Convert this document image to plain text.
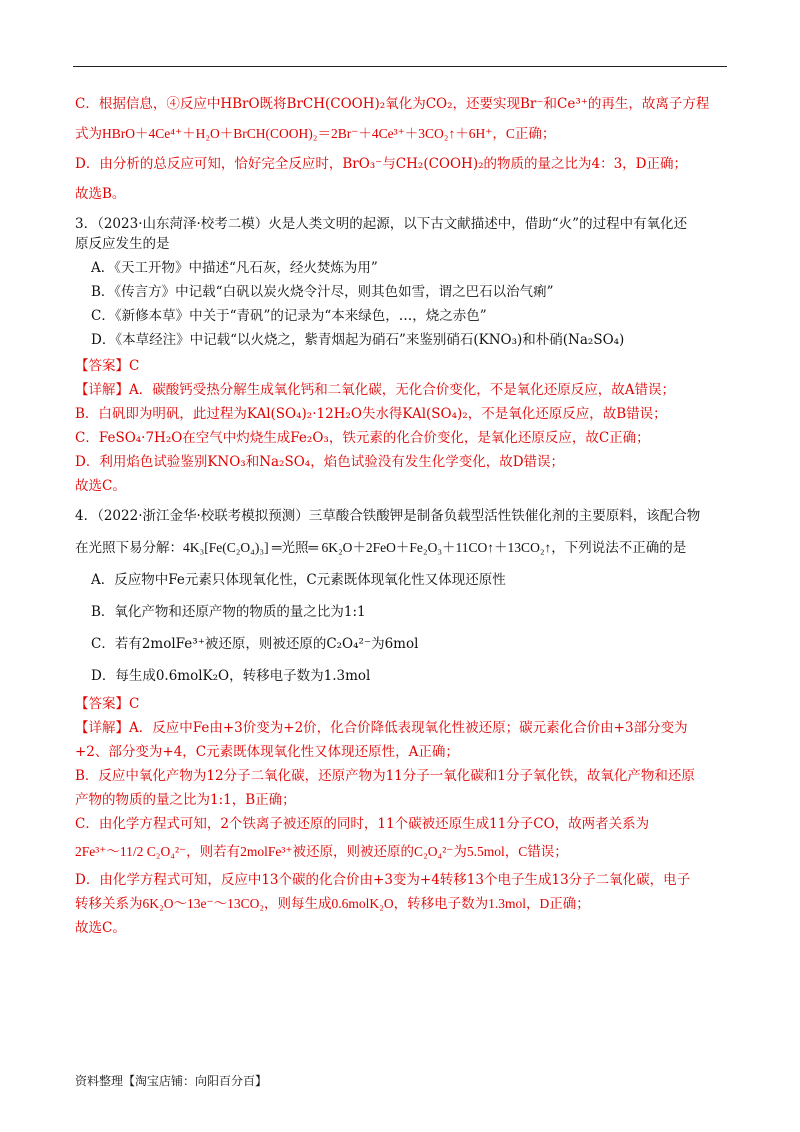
C．根据信息，④反应中HBrO既将BrCH(COOH)₂氧化为CO₂，还要实现Br⁻和Ce³⁺的再生，故离子方程

式为HBrO＋4Ce⁴⁺＋H₂O＋BrCH(COOH)₂＝2Br⁻＋4Ce³⁺＋3CO₂↑＋6H⁺，C正确；

D．由分析的总反应可知，恰好完全反应时，BrO₃⁻与CH₂(COOH)₂的物质的量之比为4：3，D正确；

故选B。

3．（2023·山东菏泽·校考二模）火是人类文明的起源，以下古文献描述中，借助“火”的过程中有氧化还

原反应发生的是

A．《天工开物》中描述“凡石灰，经火焚炼为用”

B．《传言方》中记载“白矾以炭火烧令汁尽，则其色如雪，谓之巴石以治气痢”

C．《新修本草》中关于“青矾”的记录为“本来绿色，…，烧之赤色”

D．《本草经注》中记载“以火烧之，紫青烟起为硝石”来鉴别硝石(KNO₃)和朴硝(Na₂SO₄)

【答案】C

【详解】A．碳酸钙受热分解生成氧化钙和二氧化碳，无化合价变化，不是氧化还原反应，故A错误；

B．白矾即为明矾，此过程为KAl(SO₄)₂·12H₂O失水得KAl(SO₄)₂，不是氧化还原反应，故B错误；

C．FeSO₄·7H₂O在空气中灼烧生成Fe₂O₃，铁元素的化合价变化，是氧化还原反应，故C正确；

D．利用焰色试验鉴别KNO₃和Na₂SO₄，焰色试验没有发生化学变化，故D错误；

故选C。

4．（2022·浙江金华·校联考模拟预测）三草酸合铁酸钾是制备负载型活性铁催化剂的主要原料，该配合物

在光照下易分解：4K₃[Fe(C₂O₄)₃] ═光照═ 6K₂O＋2FeO＋Fe₂O₃＋11CO↑＋13CO₂↑，下列说法不正确的是

A．反应物中Fe元素只体现氧化性，C元素既体现氧化性又体现还原性

B．氧化产物和还原产物的物质的量之比为1:1

C．若有2molFe³⁺被还原，则被还原的C₂O₄²⁻为6mol

D．每生成0.6molK₂O，转移电子数为1.3mol

【答案】C

【详解】A．反应中Fe由+3价变为+2价，化合价降低表现氧化性被还原；碳元素化合价由+3部分变为

+2、部分变为+4，C元素既体现氧化性又体现还原性，A正确；

B．反应中氧化产物为12分子二氧化碳，还原产物为11分子一氧化碳和1分子氧化铁，故氧化产物和还原

产物的物质的量之比为1:1，B正确；

C．由化学方程式可知，2个铁离子被还原的同时，11个碳被还原生成11分子CO，故两者关系为

2Fe³⁺～11/2 C₂O₄²⁻，则若有2molFe³⁺被还原，则被还原的C₂O₄²⁻为5.5mol，C错误；

D．由化学方程式可知，反应中13个碳的化合价由+3变为+4转移13个电子生成13分子二氧化碳，电子

转移关系为6K₂O～13e⁻～13CO₂，则每生成0.6molK₂O，转移电子数为1.3mol，D正确；

故选C。

资料整理【淘宝店铺：向阳百分百】
